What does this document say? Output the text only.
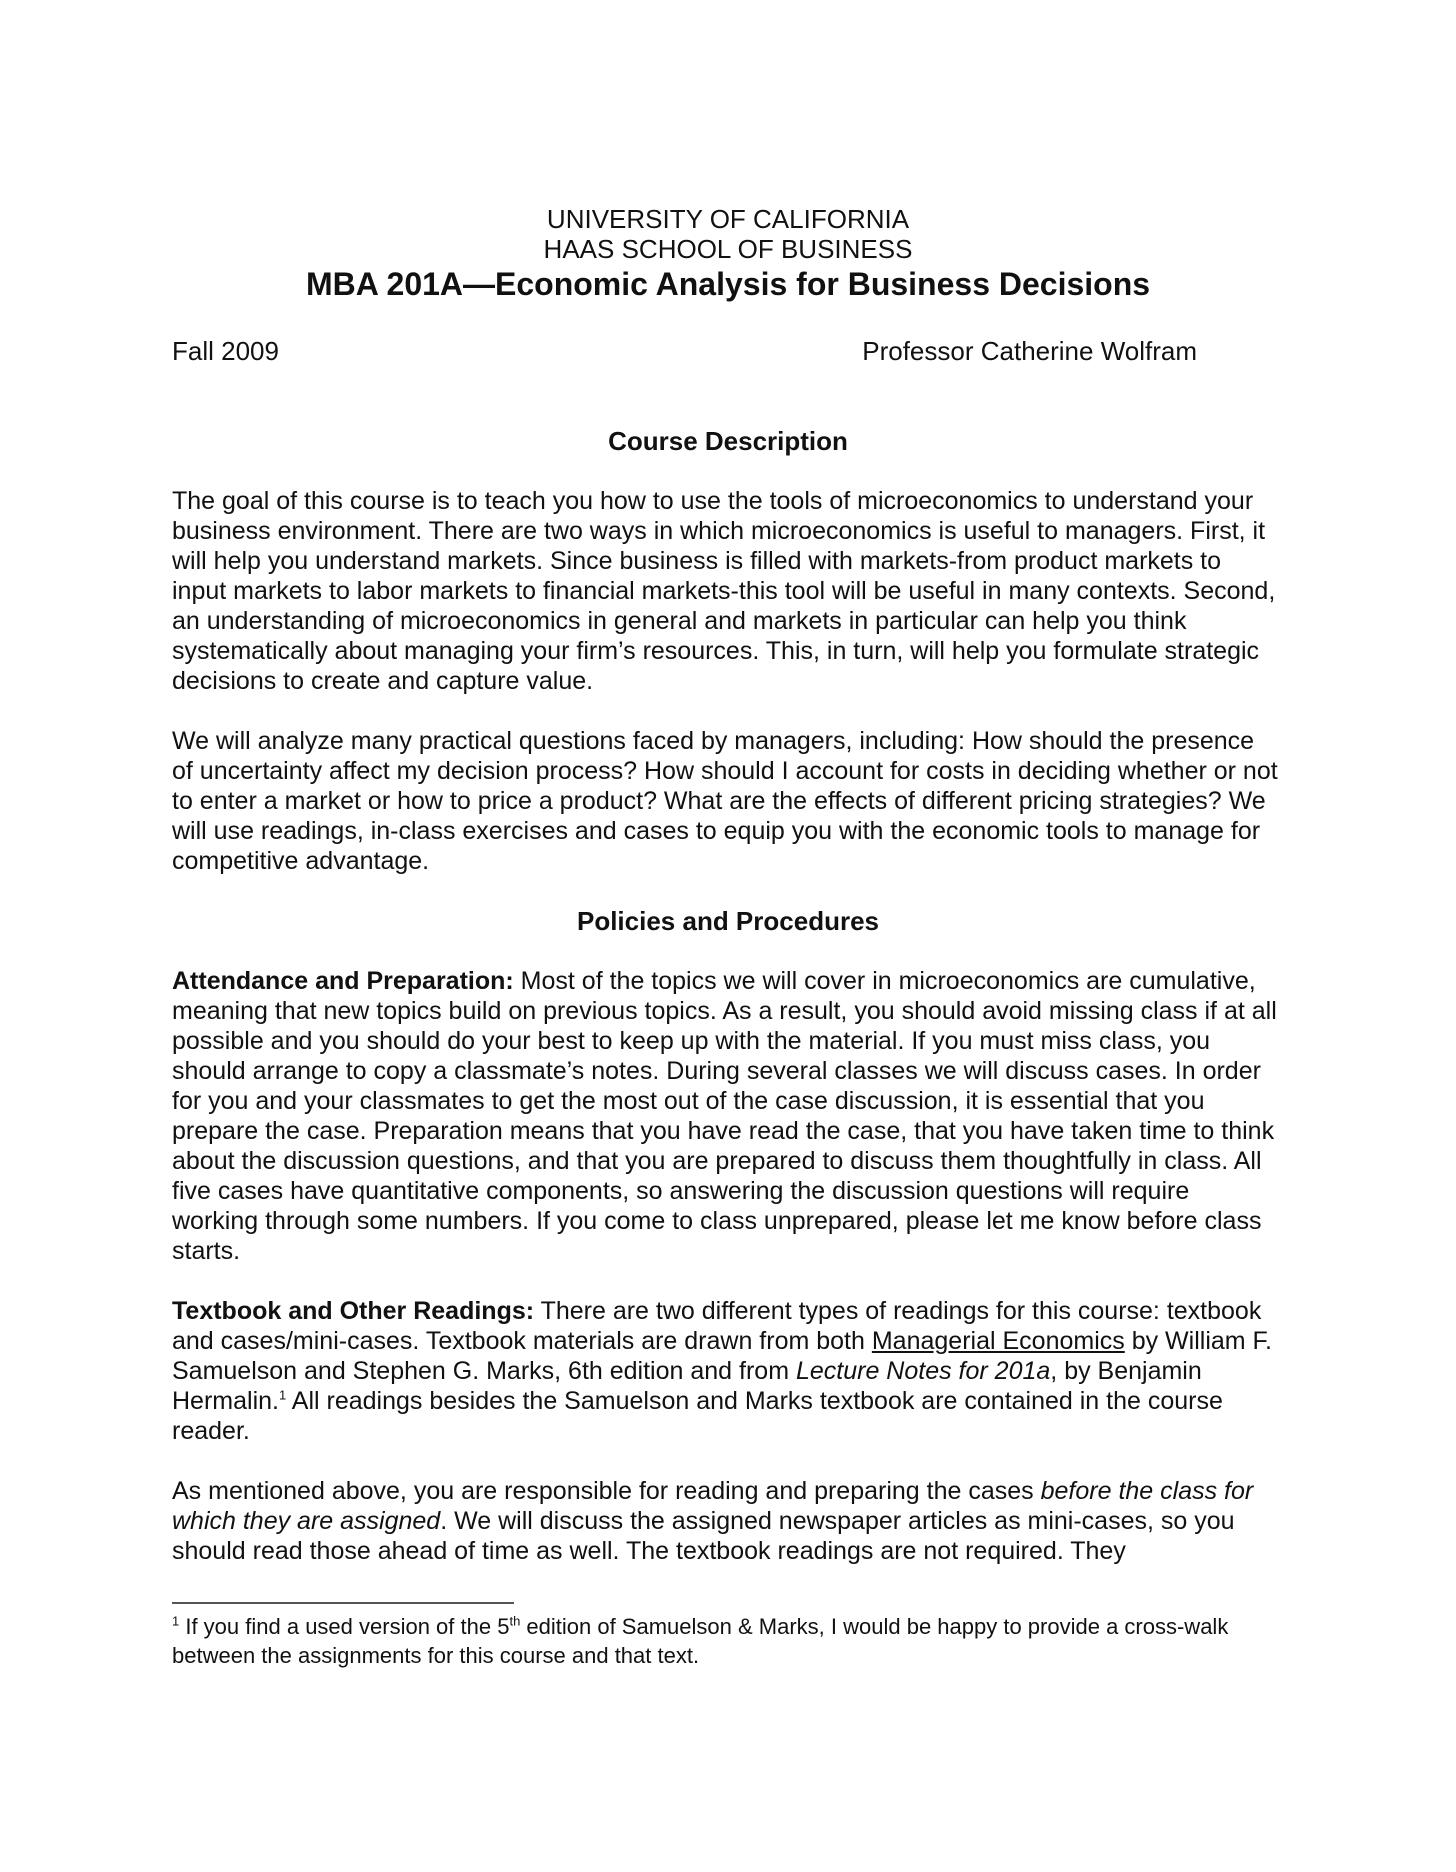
UNIVERSITY OF CALIFORNIA
HAAS SCHOOL OF BUSINESS
MBA 201A—Economic Analysis for Business Decisions
Fall 2009	Professor Catherine Wolfram
Course Description

The goal of this course is to teach you how to use the tools of microeconomics to understand your business environment. There are two ways in which microeconomics is useful to managers. First, it will help you understand markets. Since business is filled with markets-from product markets to input markets to labor markets to financial markets-this tool will be useful in many contexts. Second, an understanding of microeconomics in general and markets in particular can help you think systematically about managing your firm’s resources. This, in turn, will help you formulate strategic decisions to create and capture value.

We will analyze many practical questions faced by managers, including: How should the presence of uncertainty affect my decision process? How should I account for costs in deciding whether or not to enter a market or how to price a product? What are the effects of different pricing strategies? We will use readings, in-class exercises and cases to equip you with the economic tools to manage for competitive advantage.

Policies and Procedures

Attendance and Preparation: Most of the topics we will cover in microeconomics are cumulative, meaning that new topics build on previous topics. As a result, you should avoid missing class if at all possible and you should do your best to keep up with the material. If you must miss class, you should arrange to copy a classmate’s notes. During several classes we will discuss cases. In order for you and your classmates to get the most out of the case discussion, it is essential that you prepare the case. Preparation means that you have read the case, that you have taken time to think about the discussion questions, and that you are prepared to discuss them thoughtfully in class. All five cases have quantitative components, so answering the discussion questions will require working through some numbers. If you come to class unprepared, please let me know before class starts.

Textbook and Other Readings: There are two different types of readings for this course: textbook and cases/mini-cases. Textbook materials are drawn from both Managerial Economics by William F. Samuelson and Stephen G. Marks, 6th edition and from Lecture Notes for 201a, by Benjamin Hermalin.$^1$ All readings besides the Samuelson and Marks textbook are contained in the course reader.

As mentioned above, you are responsible for reading and preparing the cases before the class for which they are assigned. We will discuss the assigned newspaper articles as mini-cases, so you should read those ahead of time as well. The textbook readings are not required. They

$^1$ If you find a used version of the 5th edition of Samuelson & Marks, I would be happy to provide a cross-walk between the assignments for this course and that text.
